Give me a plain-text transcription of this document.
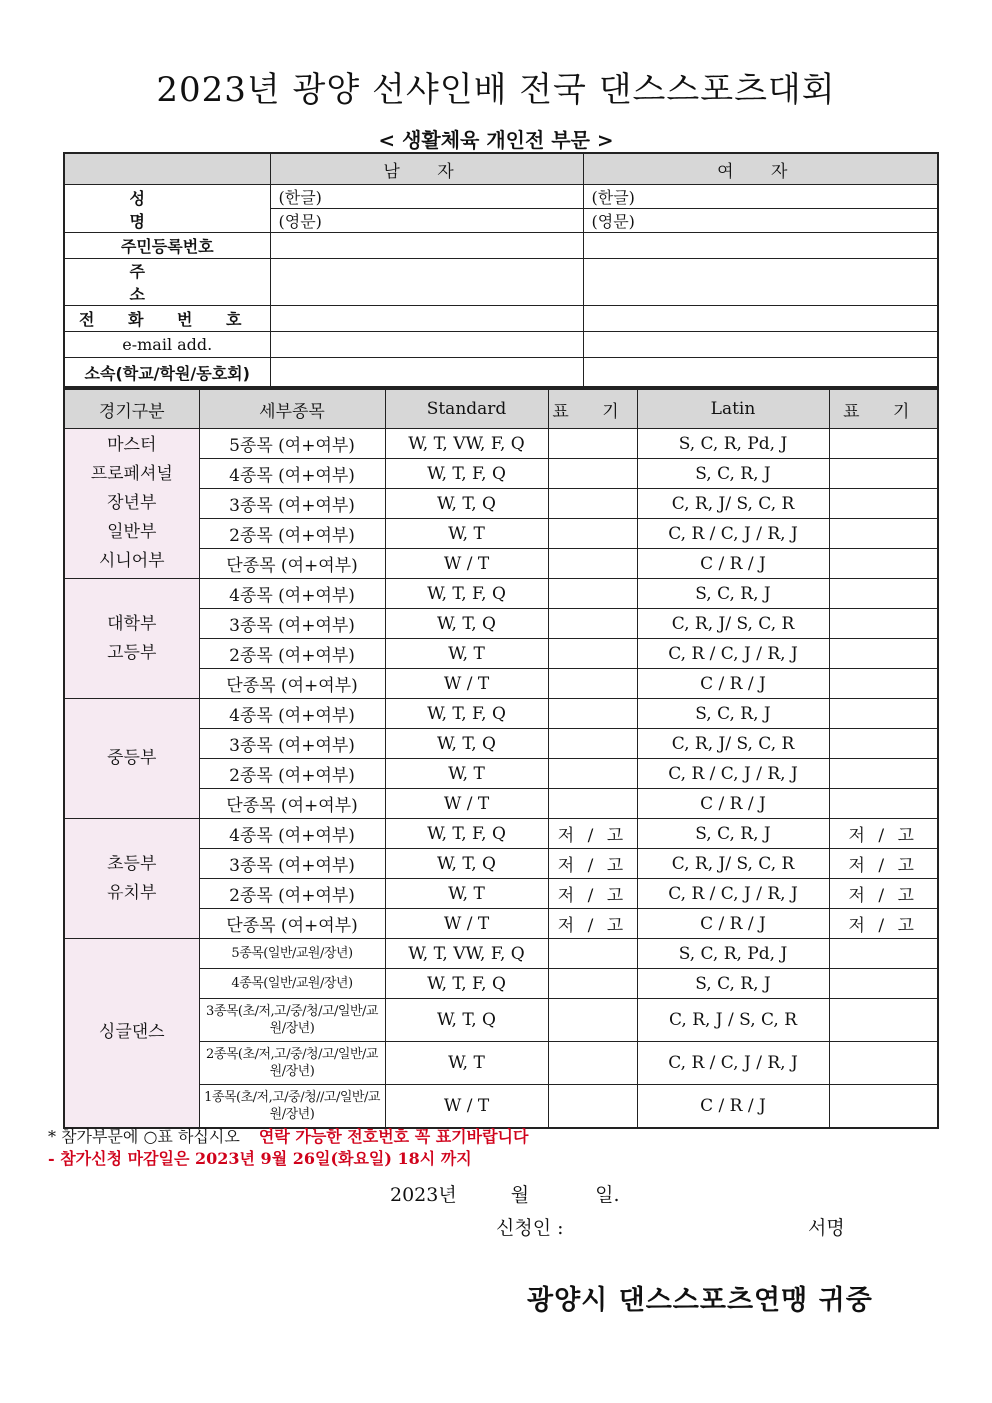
2023년 광양 선샤인배 전국 댄스스포츠대회
< 생활체육 개인전 부문 >
	남 자	여 자
성 명	(한글)	(한글)
	(영문)	(영문)
주민등록번호		
주 소		
전 화 번 호		
e-mail add.		
소속(학교/학원/동호회)		
경기구분	세부종목	Standard	표 기	Latin	표 기

마스터
프로페셔널
장년부
일반부
시니어부	5종목 (여+여부)	W, T, VW, F, Q		S, C, R, Pd, J	
	4종목 (여+여부)	W, T, F, Q		S, C, R, J	
	3종목 (여+여부)	W, T, Q		C, R, J/ S, C, R	
	2종목 (여+여부)	W, T		C, R / C, J / R, J	
	단종목 (여+여부)	W / T		C / R / J	

대학부
고등부	4종목 (여+여부)	W, T, F, Q		S, C, R, J	
	3종목 (여+여부)	W, T, Q		C, R, J/ S, C, R	
	2종목 (여+여부)	W, T		C, R / C, J / R, J	
	단종목 (여+여부)	W / T		C / R / J	

중등부	4종목 (여+여부)	W, T, F, Q		S, C, R, J	
	3종목 (여+여부)	W, T, Q		C, R, J/ S, C, R	
	2종목 (여+여부)	W, T		C, R / C, J / R, J	
	단종목 (여+여부)	W / T		C / R / J	

초등부
유치부	4종목 (여+여부)	W, T, F, Q	저 / 고	S, C, R, J	저 / 고
	3종목 (여+여부)	W, T, Q	저 / 고	C, R, J/ S, C, R	저 / 고
	2종목 (여+여부)	W, T	저 / 고	C, R / C, J / R, J	저 / 고
	단종목 (여+여부)	W / T	저 / 고	C / R / J	저 / 고

싱글댄스	5종목(일반/교원/장년)	W, T, VW, F, Q		S, C, R, Pd, J	
	4종목(일반/교원/장년)	W, T, F, Q		S, C, R, J	
	3종목(초/저,고/중/청/고/일반/교원/장년)	W, T, Q		C, R, J / S, C, R	
	2종목(초/저,고/중/청/고/일반/교원/장년)	W, T		C, R / C, J / R, J	
	1종목(초/저,고/중/청//고/일반/교원/장년)	W / T		C / R / J	
* 참가부문에 ○표 하십시오 연락 가능한 전호번호 꼭 표기바랍니다
- 참가신청 마감일은 2023년 9월 26일(화요일) 18시 까지
2023년	월	일.
신청인 :	서명
광양시 댄스스포츠연맹 귀중
